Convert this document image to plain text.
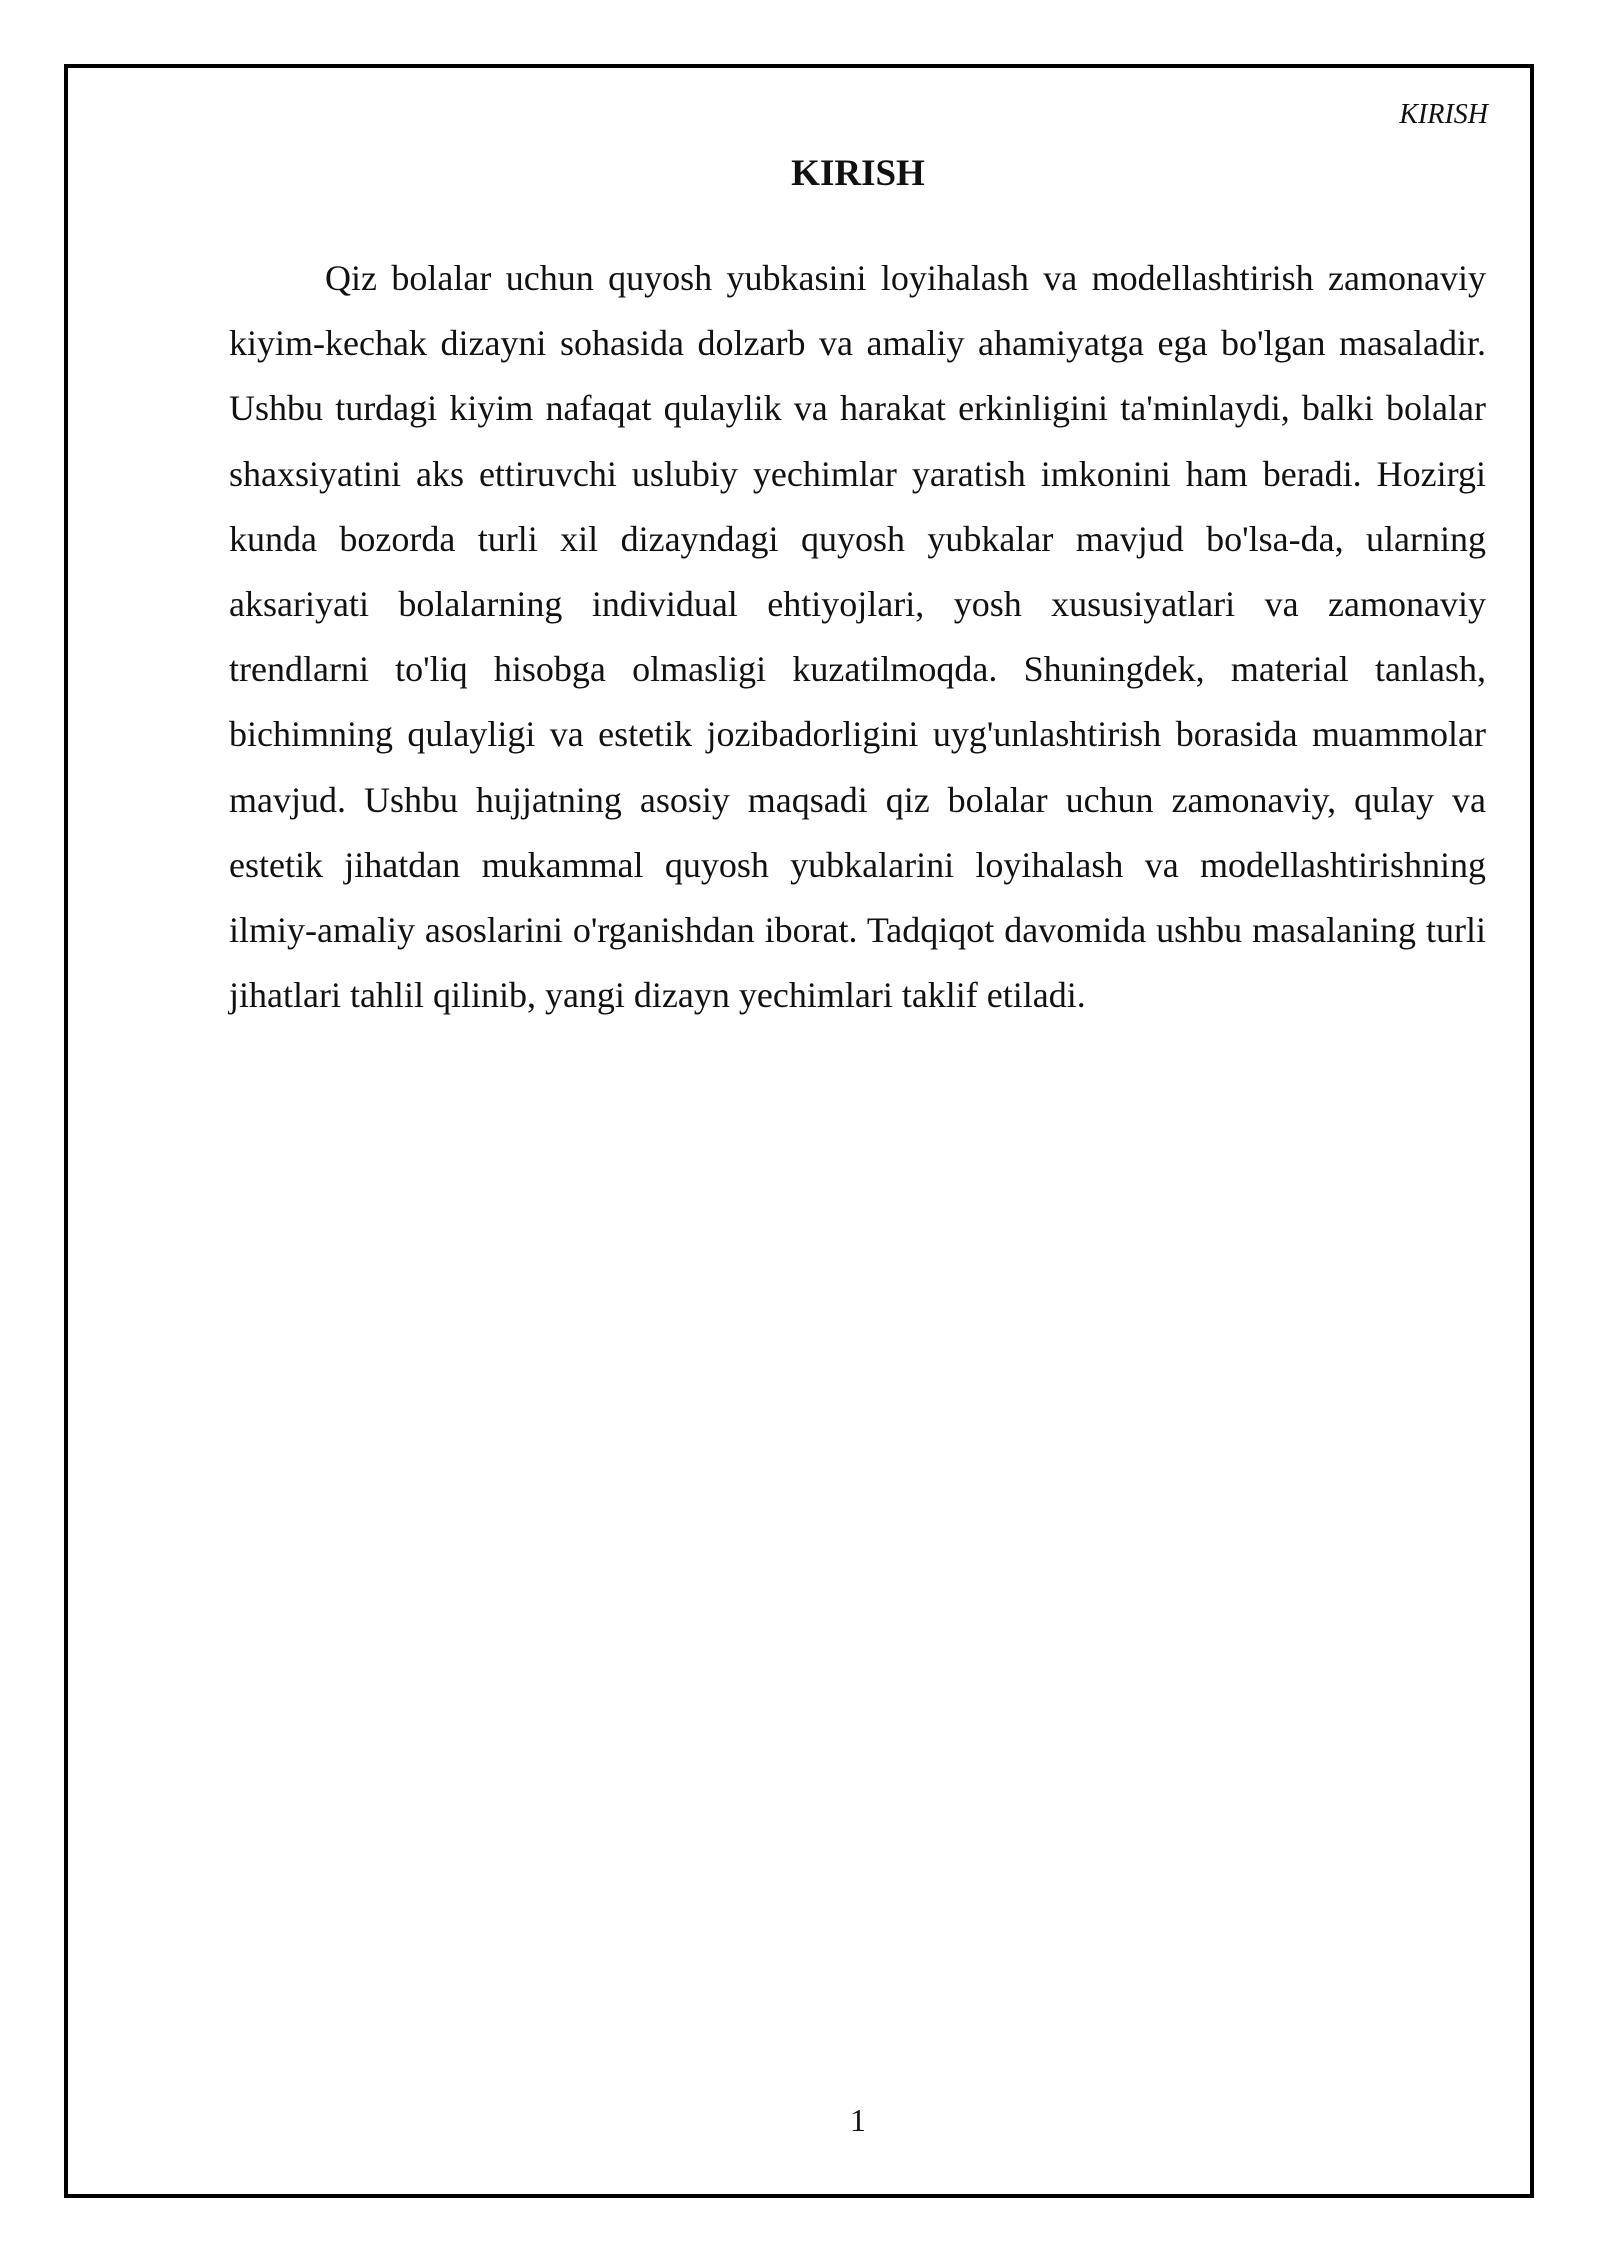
KIRISH

KIRISH

Qiz bolalar uchun quyosh yubkasini loyihalash va modellashtirish zamonaviy kiyim-kechak dizayni sohasida dolzarb va amaliy ahamiyatga ega bo'lgan masaladir. Ushbu turdagi kiyim nafaqat qulaylik va harakat erkinligini ta'minlaydi, balki bolalar shaxsiyatini aks ettiruvchi uslubiy yechimlar yaratish imkonini ham beradi. Hozirgi kunda bozorda turli xil dizayndagi quyosh yubkalar mavjud bo'lsa-da, ularning aksariyati bolalarning individual ehtiyojlari, yosh xususiyatlari va zamonaviy trendlarni to'liq hisobga olmasligi kuzatilmoqda. Shuningdek, material tanlash, bichimning qulayligi va estetik jozibadorligini uyg'unlashtirish borasida muammolar mavjud. Ushbu hujjatning asosiy maqsadi qiz bolalar uchun zamonaviy, qulay va estetik jihatdan mukammal quyosh yubkalarini loyihalash va modellashtirishning ilmiy-amaliy asoslarini o'rganishdan iborat. Tadqiqot davomida ushbu masalaning turli jihatlari tahlil qilinib, yangi dizayn yechimlari taklif etiladi.

1
